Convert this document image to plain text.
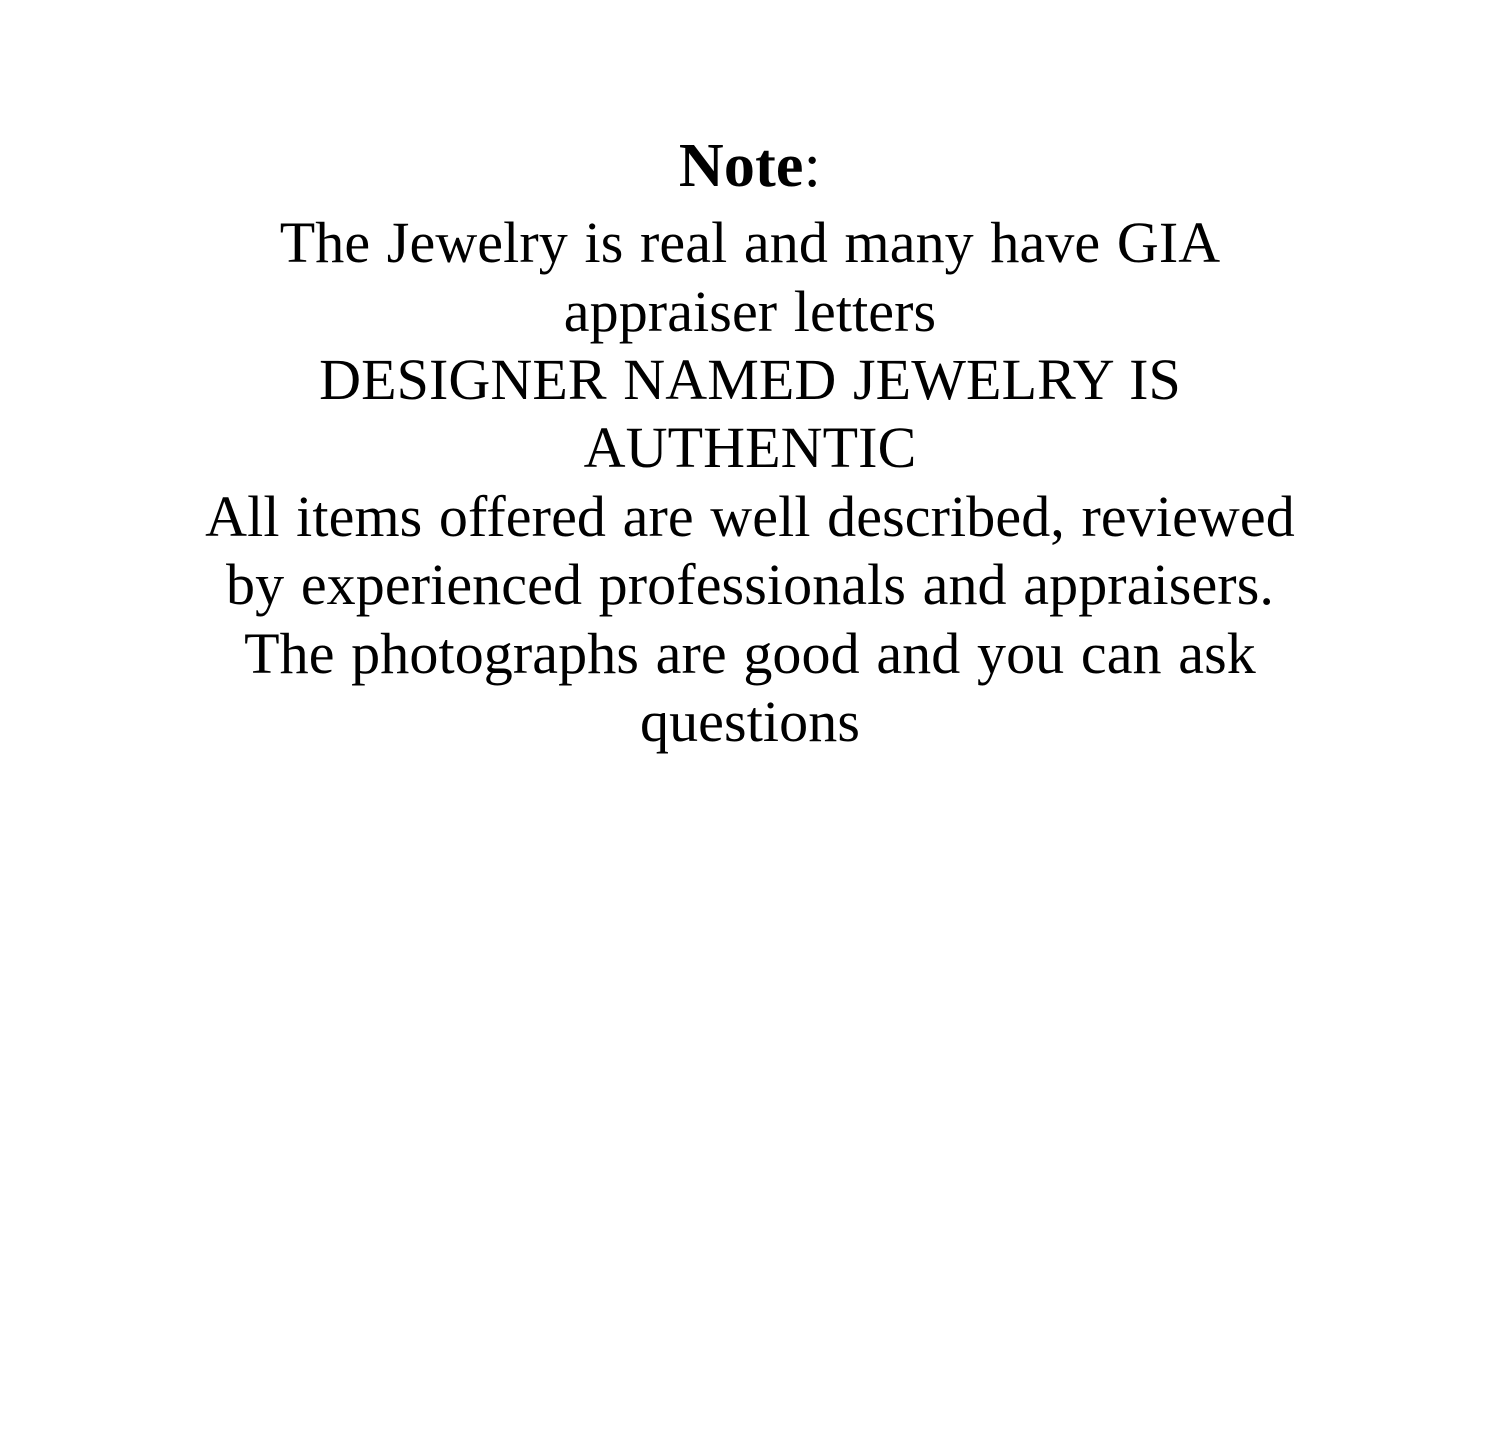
Note:

The Jewelry is real and many have GIA appraiser letters

DESIGNER NAMED JEWELRY IS AUTHENTIC

All items offered are well described, reviewed by experienced professionals and appraisers.

The photographs are good and you can ask questions
